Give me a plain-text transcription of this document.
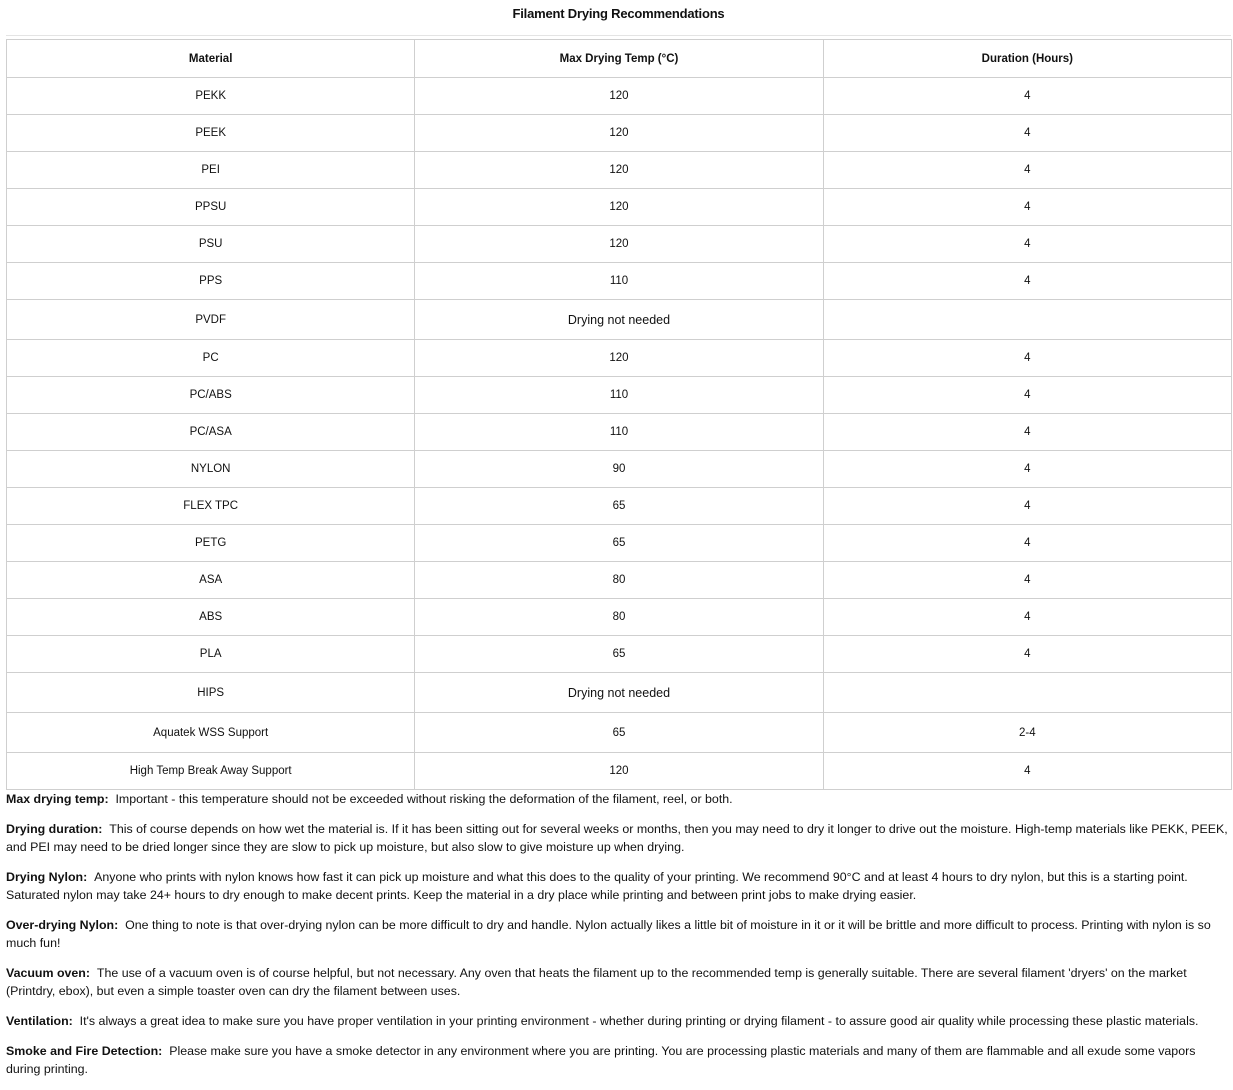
Filament Drying Recommendations
Material	Max Drying Temp (°C)	Duration (Hours)
PEKK	120	4
PEEK	120	4
PEI	120	4
PPSU	120	4
PSU	120	4
PPS	110	4
PVDF	Drying not needed	
PC	120	4
PC/ABS	110	4
PC/ASA	110	4
NYLON	90	4
FLEX TPC	65	4
PETG	65	4
ASA	80	4
ABS	80	4
PLA	65	4
HIPS	Drying not needed	
Aquatek WSS Support	65	2-4
High Temp Break Away Support	120	4

Max drying temp: Important - this temperature should not be exceeded without risking the deformation of the filament, reel, or both.

Drying duration: This of course depends on how wet the material is. If it has been sitting out for several weeks or months, then you may need to dry it longer to drive out the moisture. High-temp materials like PEKK, PEEK, and PEI may need to be dried longer since they are slow to pick up moisture, but also slow to give moisture up when drying.

Drying Nylon: Anyone who prints with nylon knows how fast it can pick up moisture and what this does to the quality of your printing. We recommend 90°C and at least 4 hours to dry nylon, but this is a starting point. Saturated nylon may take 24+ hours to dry enough to make decent prints. Keep the material in a dry place while printing and between print jobs to make drying easier.

Over-drying Nylon: One thing to note is that over-drying nylon can be more difficult to dry and handle. Nylon actually likes a little bit of moisture in it or it will be brittle and more difficult to process. Printing with nylon is so much fun!

Vacuum oven: The use of a vacuum oven is of course helpful, but not necessary. Any oven that heats the filament up to the recommended temp is generally suitable. There are several filament 'dryers' on the market (Printdry, ebox), but even a simple toaster oven can dry the filament between uses.

Ventilation: It's always a great idea to make sure you have proper ventilation in your printing environment - whether during printing or drying filament - to assure good air quality while processing these plastic materials.

Smoke and Fire Detection: Please make sure you have a smoke detector in any environment where you are printing. You are processing plastic materials and many of them are flammable and all exude some vapors during printing.
